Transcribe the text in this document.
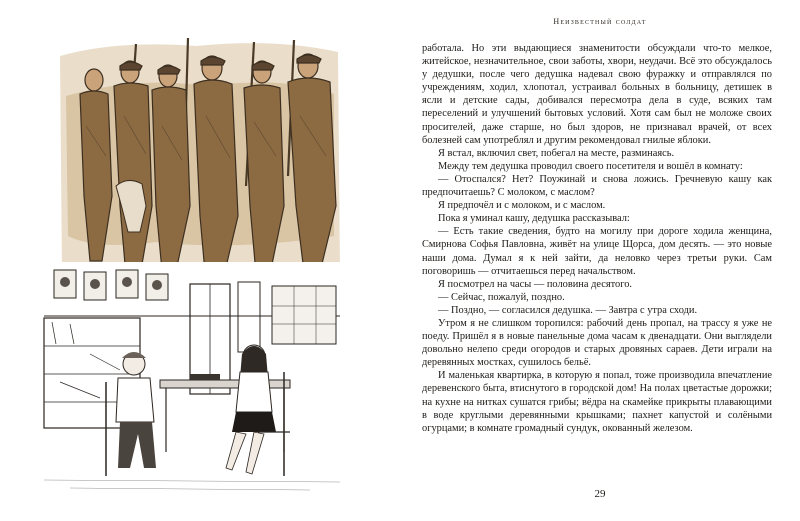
Неизвестный солдат

работала. Но эти выдающиеся знаменитости обсуждали что-то мелкое, житейское, незначительное, свои заботы, хвори, неудачи. Всё это обсуждалось у дедушки, после чего дедушка надевал свою фуражку и отправлялся по учреждениям, ходил, хлопотал, устраивал больных в больницу, детишек в ясли и детские сады, добивался пересмотра дела в суде, всяких там переселений и улучшений бытовых условий. Хотя сам был не моложе своих просителей, даже старше, но был здоров, не признавал врачей, от всех болезней сам употреблял и другим рекомендовал гнилые яблоки.

Я встал, включил свет, побегал на месте, разминаясь.

Между тем дедушка проводил своего посетителя и вошёл в комнату:

— Отоспался? Нет? Поужинай и снова ложись. Гречневую кашу как предпочитаешь? С молоком, с маслом?

Я предпочёл и с молоком, и с маслом.

Пока я уминал кашу, дедушка рассказывал:

— Есть такие сведения, будто на могилу при дороге ходила женщина, Смирнова Софья Павловна, живёт на улице Щорса, дом десять. — это новые наши дома. Думал я к ней зайти, да неловко через третьи руки. Сам поговоришь — отчитаешься перед начальством.

Я посмотрел на часы — половина десятого.

— Сейчас, пожалуй, поздно.

— Поздно, — согласился дедушка. — Завтра с утра сходи.

Утром я не слишком торопился: рабочий день пропал, на трассу я уже не поеду. Пришёл я в новые панельные дома часам к двенадцати. Они выглядели довольно нелепо среди огородов и старых дровяных сараев. Дети играли на деревянных мостках, сушилось бельё.

И маленькая квартирка, в которую я попал, тоже производила впечатление деревенского быта, втиснутого в городской дом! На полах цветастые дорожки; на кухне на нитках сушатся грибы; вёдра на скамейке прикрыты плавающими в воде круглыми деревянными крышками; пахнет капустой и солёными огурцами; в комнате громадный сундук, окованный железом.

29
